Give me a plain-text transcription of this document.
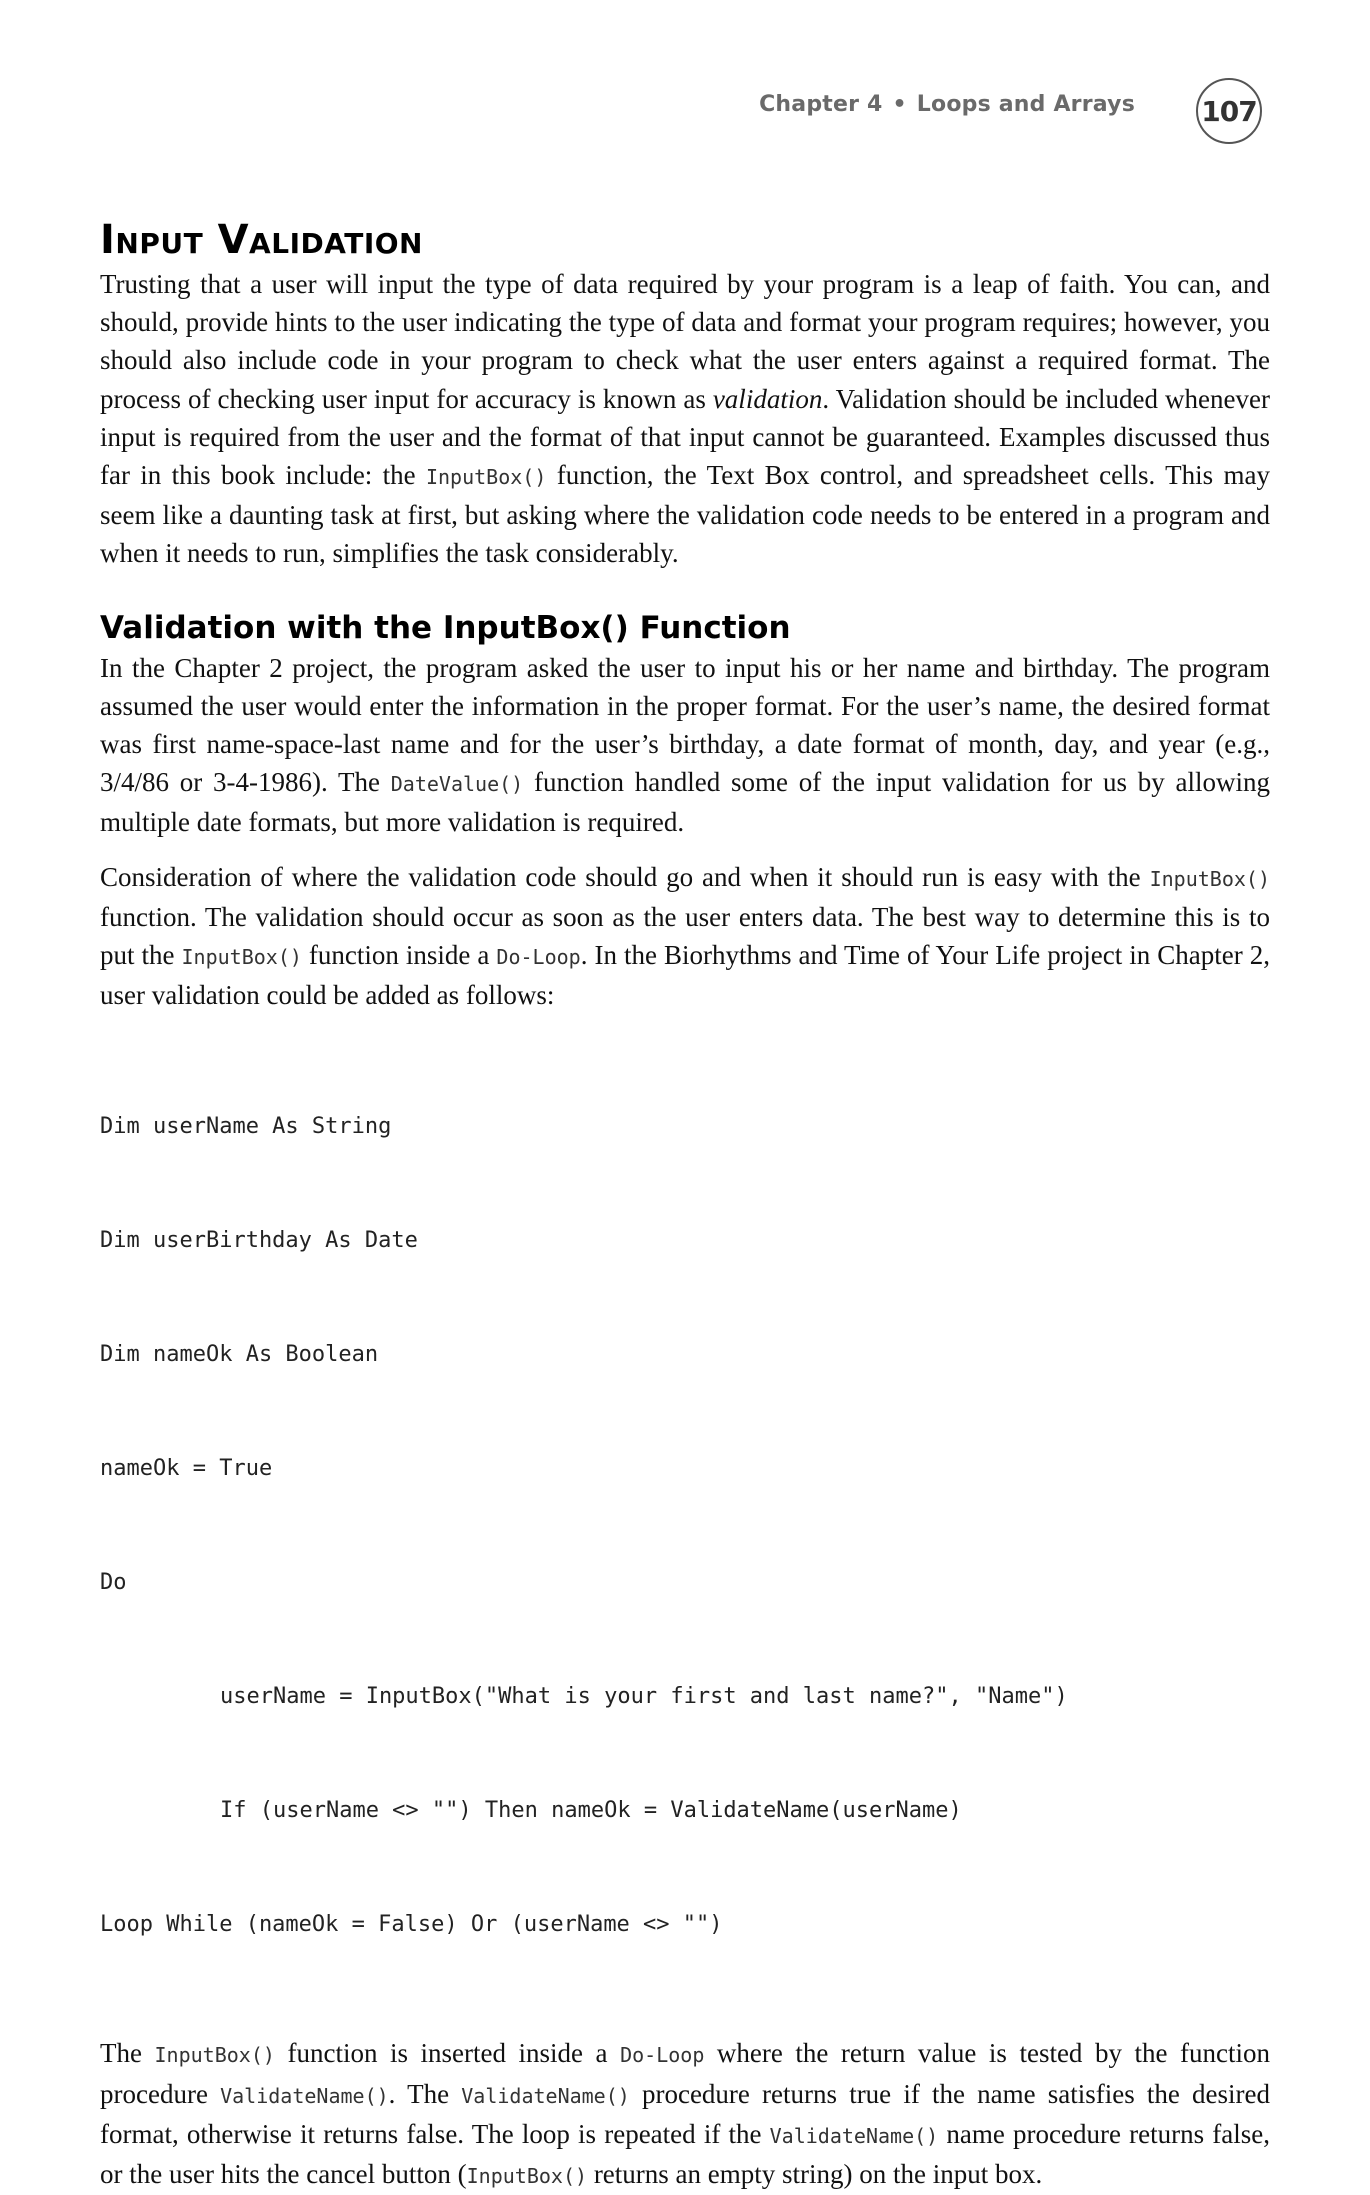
Chapter 4 • Loops and Arrays 107
Input Validation

Trusting that a user will input the type of data required by your program is a leap of faith. You can, and should, provide hints to the user indicating the type of data and format your program requires; however, you should also include code in your program to check what the user enters against a required format. The process of checking user input for accuracy is known as validation. Validation should be included whenever input is required from the user and the format of that input cannot be guaranteed. Examples discussed thus far in this book include: the InputBox() function, the Text Box control, and spreadsheet cells. This may seem like a daunting task at first, but asking where the validation code needs to be entered in a program and when it needs to run, simplifies the task considerably.

Validation with the InputBox() Function

In the Chapter 2 project, the program asked the user to input his or her name and birthday. The program assumed the user would enter the information in the proper format. For the user’s name, the desired format was first name-space-last name and for the user’s birthday, a date format of month, day, and year (e.g., 3/4/86 or 3-4-1986). The DateValue() function handled some of the input validation for us by allowing multiple date formats, but more validation is required.

Consideration of where the validation code should go and when it should run is easy with the InputBox() function. The validation should occur as soon as the user enters data. The best way to determine this is to put the InputBox() function inside a Do-Loop. In the Biorhythms and Time of Your Life project in Chapter 2, user validation could be added as follows:

Dim userName As String

Dim userBirthday As Date

Dim nameOk As Boolean

nameOk = True

Do

userName = InputBox("What is your first and last name?", "Name")

If (userName <> "") Then nameOk = ValidateName(userName)

Loop While (nameOk = False) Or (userName <> "")

The InputBox() function is inserted inside a Do-Loop where the return value is tested by the function procedure ValidateName(). The ValidateName() procedure returns true if the name satisfies the desired format, otherwise it returns false. The loop is repeated if the ValidateName() name procedure returns false, or the user hits the cancel button (InputBox() returns an empty string) on the input box.
